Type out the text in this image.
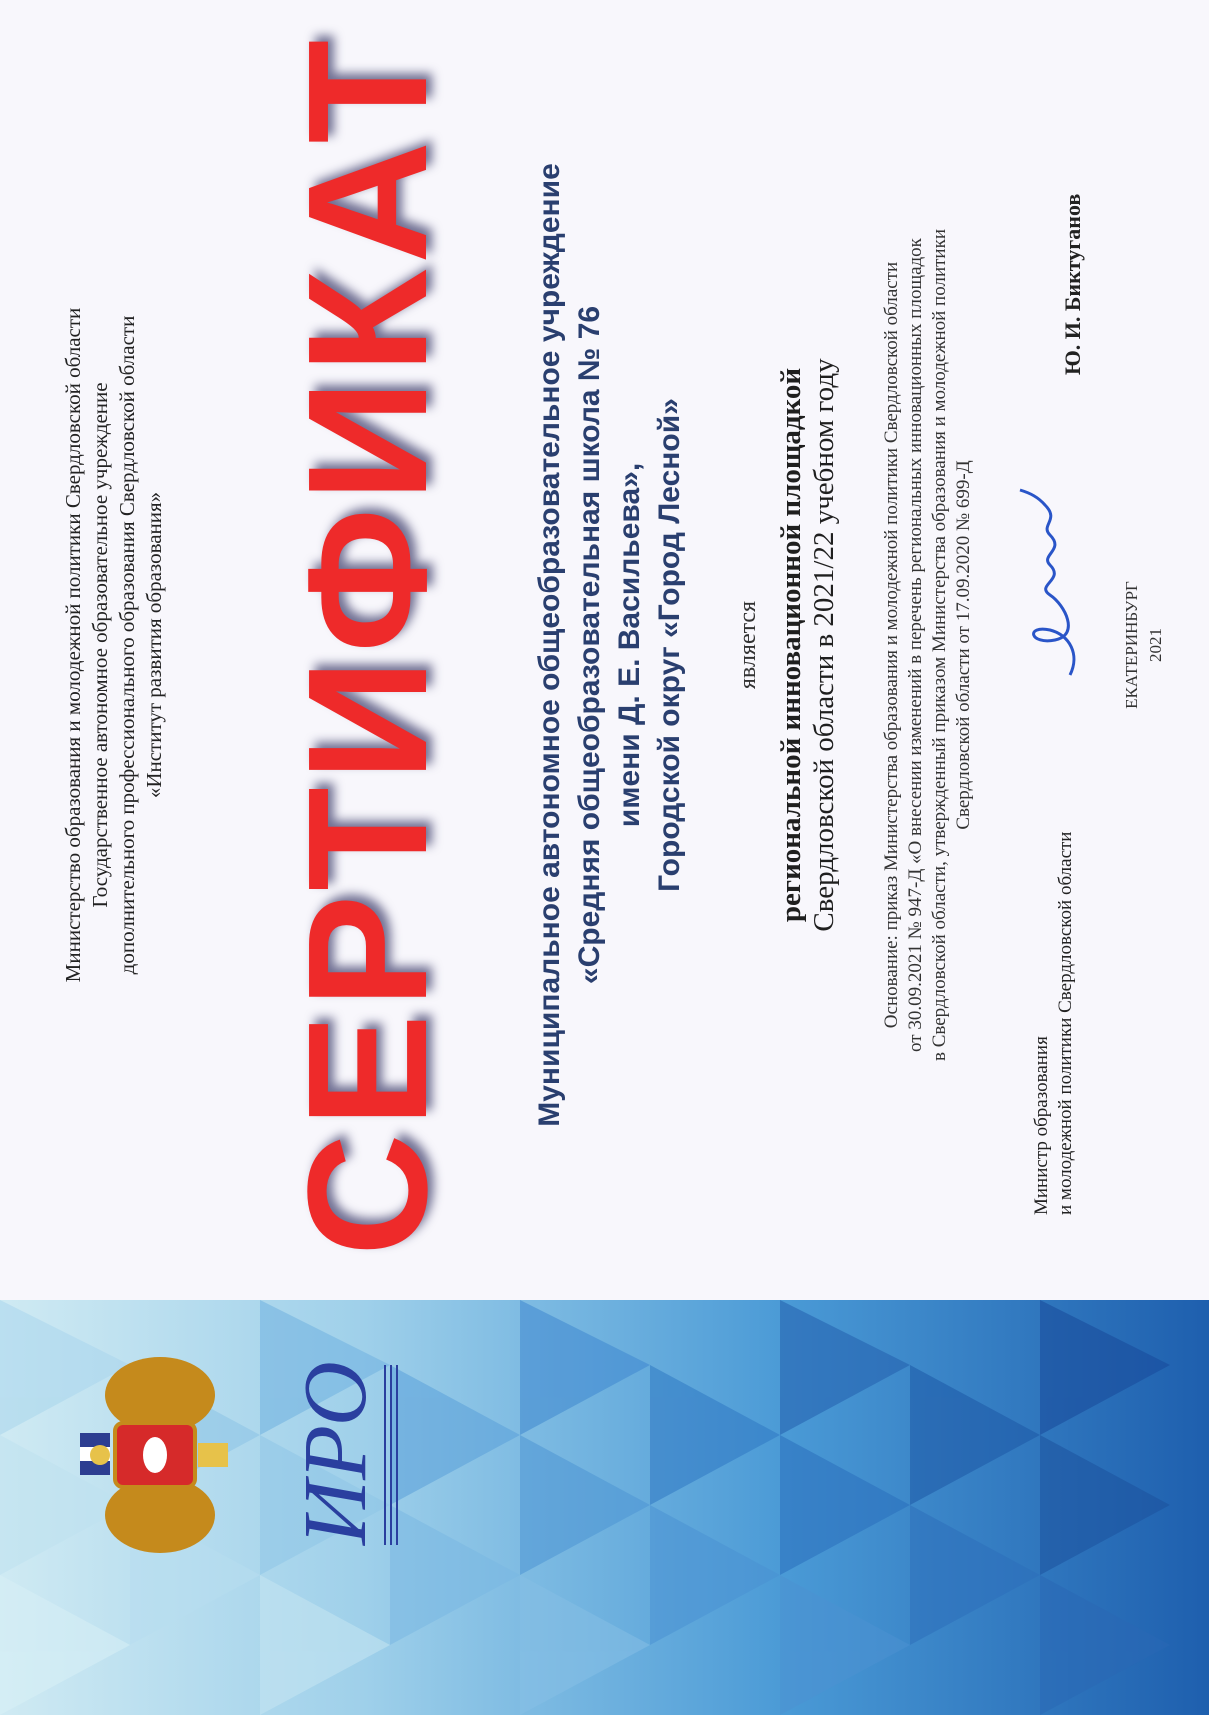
ИРО
Министерство образования и молодежной политики Свердловской области Государственное автономное образовательное учреждение дополнительного профессионального образования Свердловской области «Институт развития образования» СЕРТИФИКАТ Муниципальное автономное общеобразовательное учреждение «Средняя общеобразовательная школа № 76 имени Д. Е. Васильева», Городской округ «Город Лесной» является региональной инновационной площадкой Свердловской области в 2021/22 учебном году Основание: приказ Министерства образования и молодежной политики Свердловской области от 30.09.2021 № 947-Д «О внесении изменений в перечень региональных инновационных площадок в Свердловской области, утвержденный приказом Министерства образования и молодежной политики Свердловской области от 17.09.2020 № 699-Д
Министр образования и молодежной политики Свердловской области
Ю. И. Биктуганов
ЕКАТЕРИНБУРГ 2021
